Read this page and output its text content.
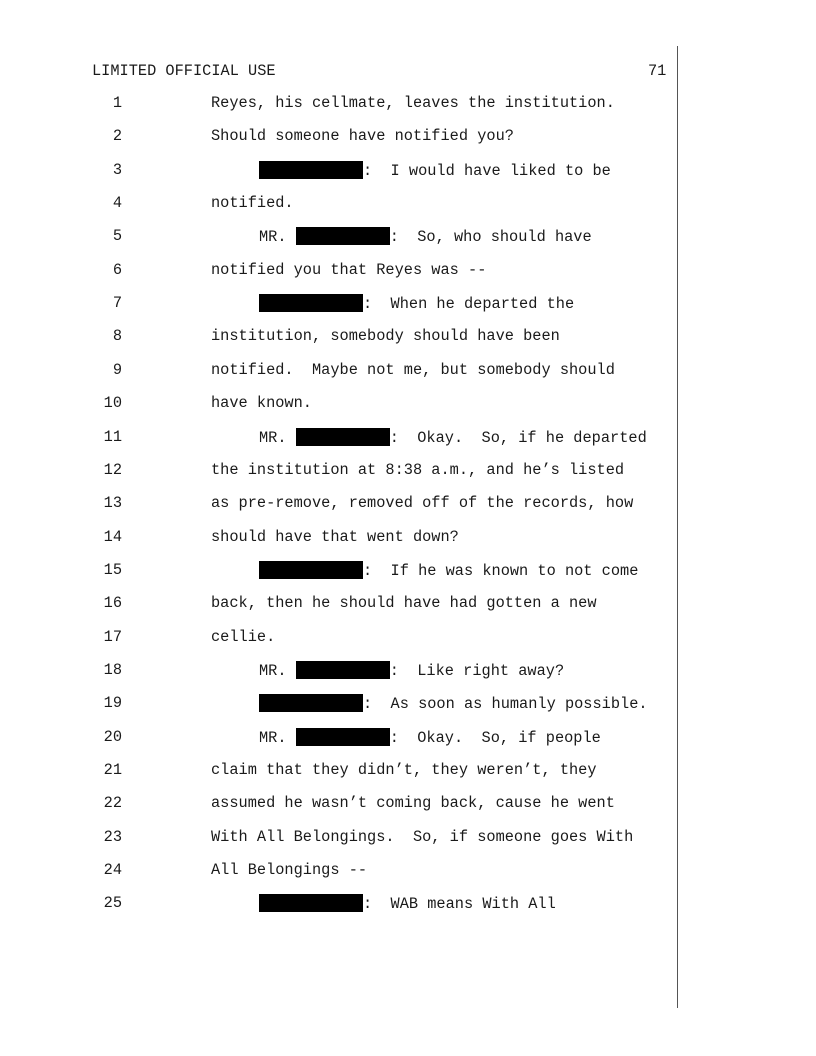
LIMITED OFFICIAL USE	71
1	Reyes, his cellmate, leaves the institution.
2	Should someone have notified you?
3	:  I would have liked to be
4	notified.
5	MR.	:  So, who should have
6	notified you that Reyes was --
7	:  When he departed the
8	institution, somebody should have been
9	notified.  Maybe not me, but somebody should
10	have known.
11	MR.	:  Okay.  So, if he departed
12	the institution at 8:38 a.m., and he’s listed
13	as pre-remove, removed off of the records, how
14	should have that went down?
15	:  If he was known to not come
16	back, then he should have had gotten a new
17	cellie.
18	MR.	:  Like right away?
19	:  As soon as humanly possible.
20	MR.	:  Okay.  So, if people
21	claim that they didn’t, they weren’t, they
22	assumed he wasn’t coming back, cause he went
23	With All Belongings.  So, if someone goes With
24	All Belongings --
25	:  WAB means With All
